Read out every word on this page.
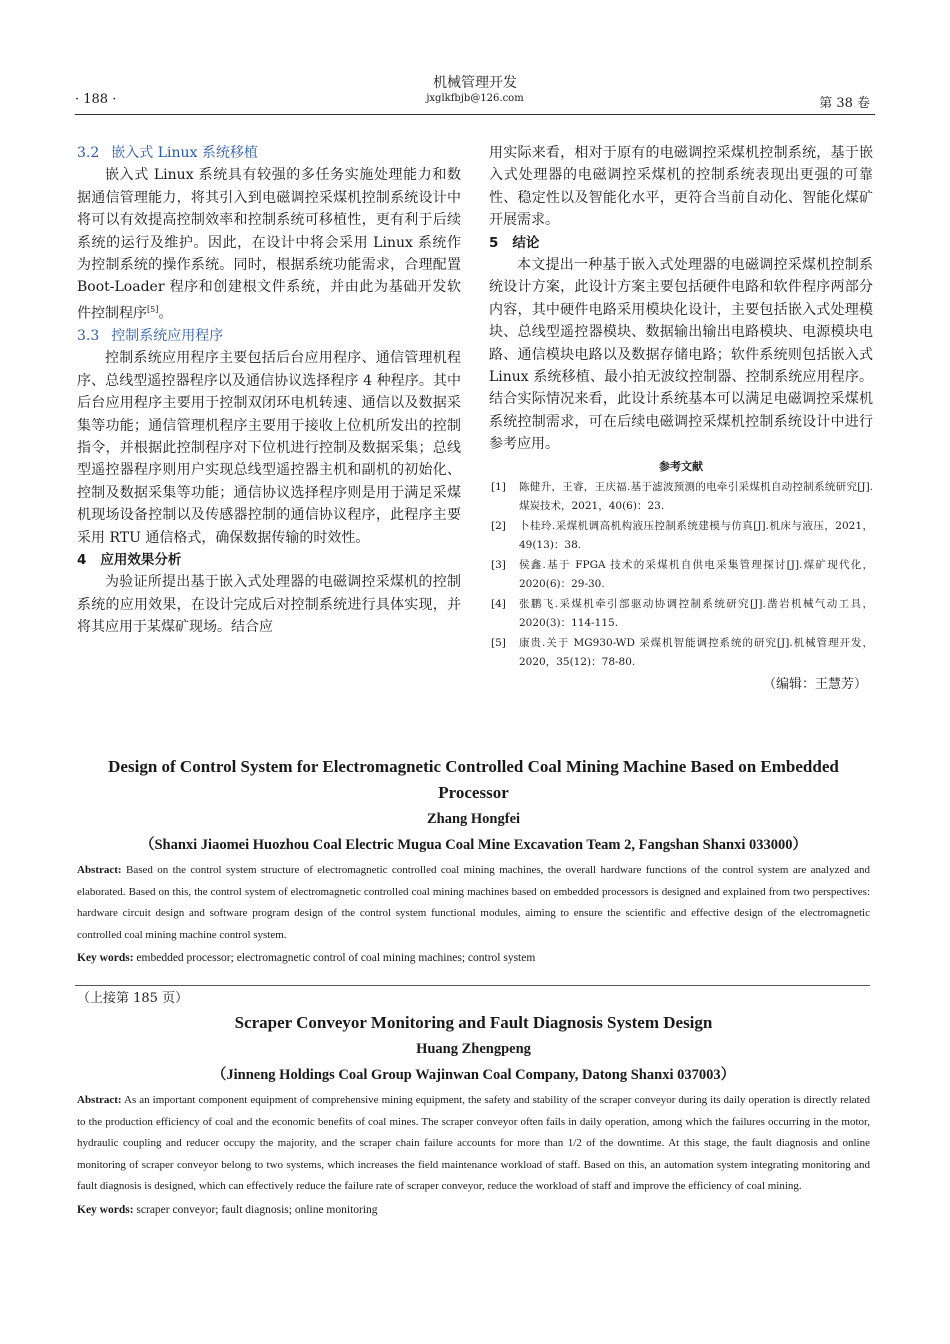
· 188 ·
机械管理开发
jxglkfbjb@126.com	第 38 卷

3.2 嵌入式 Linux 系统移植

嵌入式 Linux 系统具有较强的多任务实施处理能力和数据通信管理能力，将其引入到电磁调控采煤机控制系统设计中将可以有效提高控制效率和控制系统可移植性，更有利于后续系统的运行及维护。因此，在设计中将会采用 Linux 系统作为控制系统的操作系统。同时，根据系统功能需求，合理配置 Boot-Loader 程序和创建根文件系统，并由此为基础开发软件控制程序[5]。

3.3 控制系统应用程序

控制系统应用程序主要包括后台应用程序、通信管理机程序、总线型遥控器程序以及通信协议选择程序 4 种程序。其中后台应用程序主要用于控制双闭环电机转速、通信以及数据采集等功能；通信管理机程序主要用于接收上位机所发出的控制指令，并根据此控制程序对下位机进行控制及数据采集；总线型遥控器程序则用户实现总线型遥控器主机和副机的初始化、控制及数据采集等功能；通信协议选择程序则是用于满足采煤机现场设备控制以及传感器控制的通信协议程序，此程序主要采用 RTU 通信格式，确保数据传输的时效性。

4 应用效果分析

为验证所提出基于嵌入式处理器的电磁调控采煤机的控制系统的应用效果，在设计完成后对控制系统进行具体实现，并将其应用于某煤矿现场。结合应

用实际来看，相对于原有的电磁调控采煤机控制系统，基于嵌入式处理器的电磁调控采煤机的控制系统表现出更强的可靠性、稳定性以及智能化水平，更符合当前自动化、智能化煤矿开展需求。

5 结论

本文提出一种基于嵌入式处理器的电磁调控采煤机控制系统设计方案，此设计方案主要包括硬件电路和软件程序两部分内容，其中硬件电路采用模块化设计，主要包括嵌入式处理模块、总线型遥控器模块、数据输出输出电路模块、电源模块电路、通信模块电路以及数据存储电路；软件系统则包括嵌入式 Linux 系统移植、最小拍无波纹控制器、控制系统应用程序。结合实际情况来看，此设计系统基本可以满足电磁调控采煤机系统控制需求，可在后续电磁调控采煤机控制系统设计中进行参考应用。

参考文献
[1] 陈健升，王睿，王庆福.基于滤波预测的电牵引采煤机自动控制系统研究[J].煤炭技术，2021，40(6)：23.
[2] 卜桂玲.采煤机调高机构液压控制系统建模与仿真[J].机床与液压，2021，49(13)：38.
[3] 侯鑫.基于 FPGA 技术的采煤机自供电采集管理探讨[J].煤矿现代化，2020(6)：29-30.
[4] 张鹏飞.采煤机牵引部驱动协调控制系统研究[J].凿岩机械气动工具，2020(3)：114-115.
[5] 康贵.关于 MG930-WD 采煤机智能调控系统的研究[J].机械管理开发，2020，35(12)：78-80.
（编辑：王慧芳）

Design of Control System for Electromagnetic Controlled Coal Mining Machine Based on Embedded Processor

Zhang Hongfei

（Shanxi Jiaomei Huozhou Coal Electric Mugua Coal Mine Excavation Team 2, Fangshan Shanxi 033000）

Abstract: Based on the control system structure of electromagnetic controlled coal mining machines, the overall hardware functions of the control system are analyzed and elaborated. Based on this, the control system of electromagnetic controlled coal mining machines based on embedded processors is designed and explained from two perspectives: hardware circuit design and software program design of the control system functional modules, aiming to ensure the scientific and effective design of the electromagnetic controlled coal mining machine control system.

Key words: embedded processor; electromagnetic control of coal mining machines; control system

（上接第 185 页）

Scraper Conveyor Monitoring and Fault Diagnosis System Design

Huang Zhengpeng

（Jinneng Holdings Coal Group Wajinwan Coal Company, Datong Shanxi 037003）

Abstract: As an important component equipment of comprehensive mining equipment, the safety and stability of the scraper conveyor during its daily operation is directly related to the production efficiency of coal and the economic benefits of coal mines. The scraper conveyor often fails in daily operation, among which the failures occurring in the motor, hydraulic coupling and reducer occupy the majority, and the scraper chain failure accounts for more than 1/2 of the downtime. At this stage, the fault diagnosis and online monitoring of scraper conveyor belong to two systems, which increases the field maintenance workload of staff. Based on this, an automation system integrating monitoring and fault diagnosis is designed, which can effectively reduce the failure rate of scraper conveyor, reduce the workload of staff and improve the efficiency of coal mining.

Key words: scraper conveyor; fault diagnosis; online monitoring
